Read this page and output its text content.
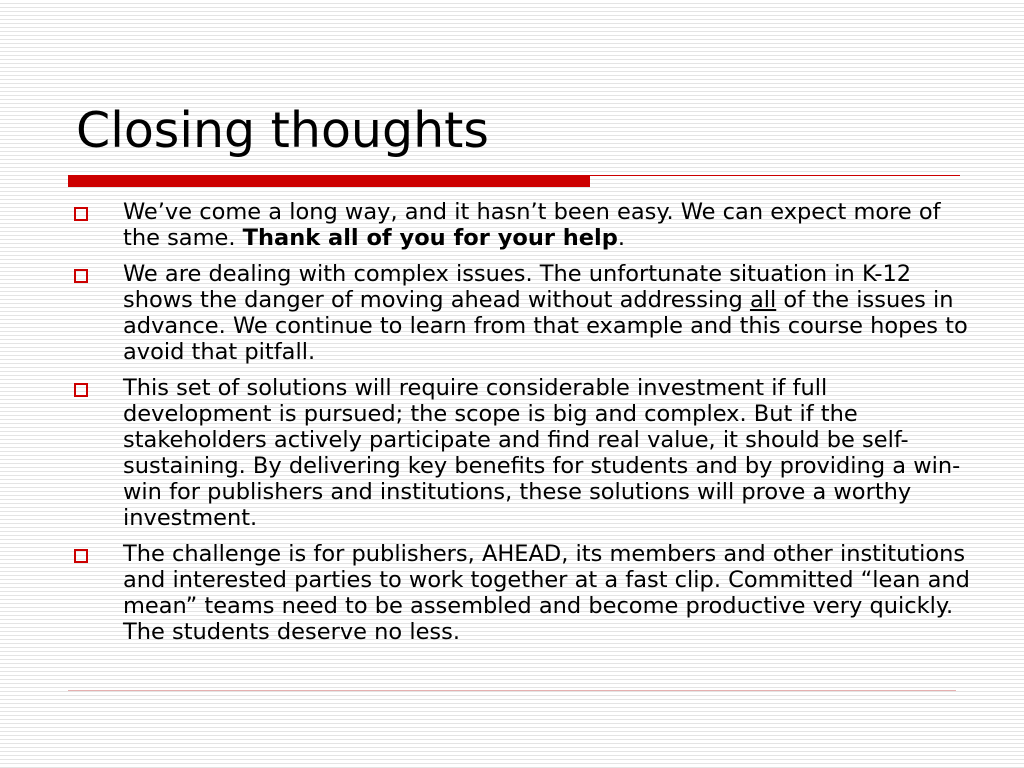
Closing thoughts
We’ve come a long way, and it hasn’t been easy. We can expect more of the same. Thank all of you for your help.
We are dealing with complex issues. The unfortunate situation in K-12 shows the danger of moving ahead without addressing all of the issues in advance. We continue to learn from that example and this course hopes to avoid that pitfall.
This set of solutions will require considerable investment if full development is pursued; the scope is big and complex. But if the stakeholders actively participate and find real value, it should be self-sustaining. By delivering key benefits for students and by providing a win-win for publishers and institutions, these solutions will prove a worthy investment.
The challenge is for publishers, AHEAD, its members and other institutions and interested parties to work together at a fast clip. Committed “lean and mean” teams need to be assembled and become productive very quickly. The students deserve no less.
